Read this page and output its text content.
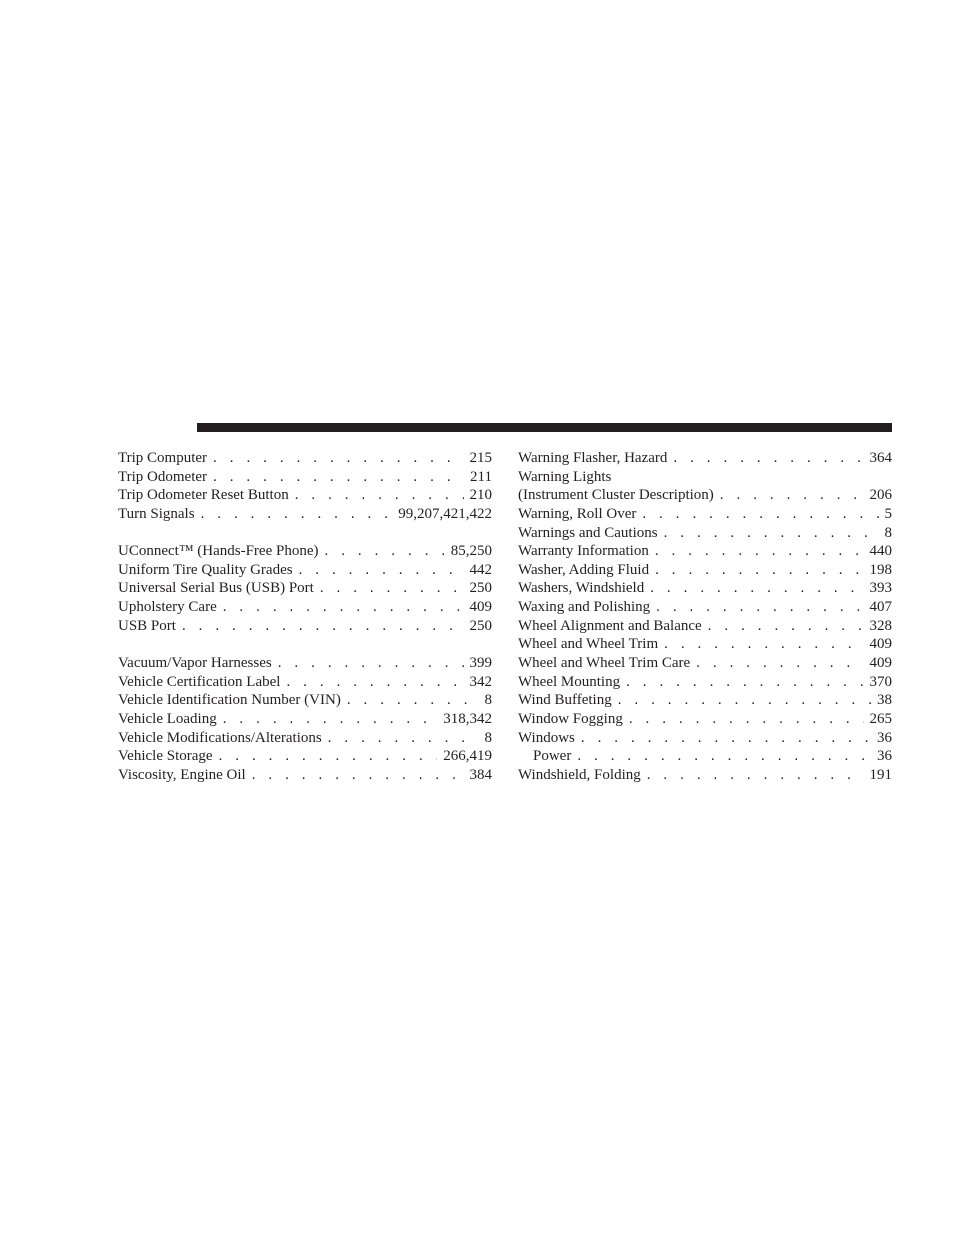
Trip Computer . . .	215
Trip Odometer . . .	211
Trip Odometer Reset Button . . .	210
Turn Signals . . .	99,207,421,422
UConnect™ (Hands-Free Phone) . . .	85,250
Uniform Tire Quality Grades . . .	442
Universal Serial Bus (USB) Port . . .	250
Upholstery Care . . .	409
USB Port . . .	250
Vacuum/Vapor Harnesses . . .	399
Vehicle Certification Label . . .	342
Vehicle Identification Number (VIN) . . .	8
Vehicle Loading . . .	318,342
Vehicle Modifications/Alterations . . .	8
Vehicle Storage . . .	266,419
Viscosity, Engine Oil . . .	384
Warning Flasher, Hazard . . .	364
Warning Lights
(Instrument Cluster Description) . . .	206
Warning, Roll Over . . .	5
Warnings and Cautions . . .	8
Warranty Information . . .	440
Washer, Adding Fluid . . .	198
Washers, Windshield . . .	393
Waxing and Polishing . . .	407
Wheel Alignment and Balance . . .	328
Wheel and Wheel Trim . . .	409
Wheel and Wheel Trim Care . . .	409
Wheel Mounting . . .	370
Wind Buffeting . . .	38
Window Fogging . . .	265
Windows . . .	36
Power . . .	36
Windshield, Folding . . .	191
